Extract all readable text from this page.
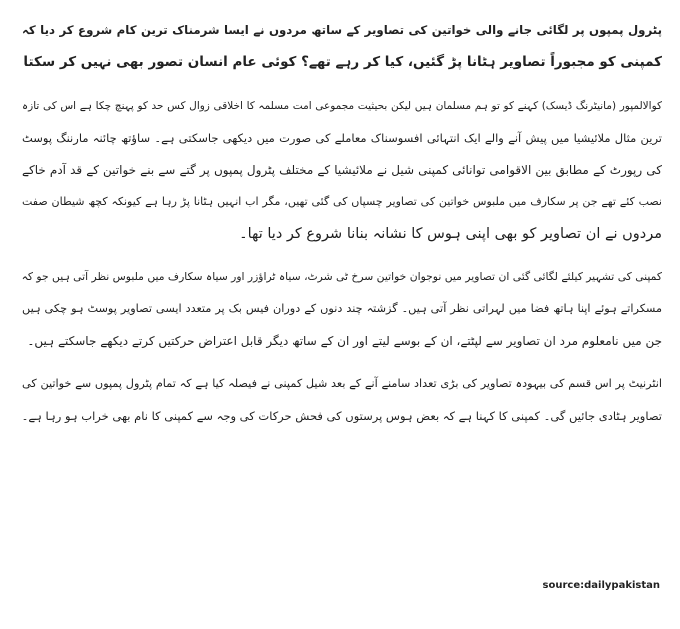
پٹرول پمپوں پر لگائی جانے والی خواتین کی تصاویر کے ساتھ مردوں نے ایسا شرمناک ترین کام شروع کر دیا کہ
کمپنی کو مجبوراً تصاویر ہٹانا پڑ گئیں، کیا کر رہے تھے؟ کوئی عام انسان تصور بھی نہیں کر سکتا
کوالالمپور (مانیٹرنگ ڈیسک) کہنے کو تو ہم مسلمان ہیں لیکن بحیثیت مجموعی امت مسلمہ کا اخلاقی زوال کس حد کو پہنچ چکا ہے اس کی تازہ
ترین مثال ملائیشیا میں پیش آنے والے ایک انتہائی افسوسناک معاملے کی صورت میں دیکھی جاسکتی ہے۔ ساﺅتھ چائنہ مارننگ پوسٹ
کی رپورٹ کے مطابق بین الاقوامی توانائی کمپنی شیل نے ملائیشیا کے مختلف پٹرول پمپوں پر گتے سے بنے خواتین کے قد آدم خاکے
نصب کئے تھے جن پر سکارف میں ملبوس خواتین کی تصاویر چسپاں کی گئی تھیں، مگر اب انہیں ہٹانا پڑ رہا ہے کیونکہ کچھ شیطان صفت
مردوں نے ان تصاویر کو بھی اپنی ہوس کا نشانہ بنانا شروع کر دیا تھا۔
کمپنی کی تشہیر کیلئے لگائی گئی ان تصاویر میں نوجوان خواتین سرخ ٹی شرٹ، سیاہ ٹراﺅزر اور سیاہ سکارف میں ملبوس نظر آتی ہیں جو کہ
مسکراتے ہوئے اپنا ہاتھ فضا میں لہراتی نظر آتی ہیں۔ گزشتہ چند دنوں کے دوران فیس بک پر متعدد ایسی تصاویر پوسٹ ہو چکی ہیں
جن میں نامعلوم مرد ان تصاویر سے لپٹتے، ان کے بوسے لیتے اور ان کے ساتھ دیگر قابل اعتراض حرکتیں کرتے دیکھے جاسکتے ہیں۔
انٹرنیٹ پر اس قسم کی بیہودہ تصاویر کی بڑی تعداد سامنے آنے کے بعد شیل کمپنی نے فیصلہ کیا ہے کہ تمام پٹرول پمپوں سے خواتین کی
تصاویر ہٹادی جائیں گی۔ کمپنی کا کہنا ہے کہ بعض ہوس پرستوں کی فحش حرکات کی وجہ سے کمپنی کا نام بھی خراب ہو رہا ہے۔
source:dailypakistan
